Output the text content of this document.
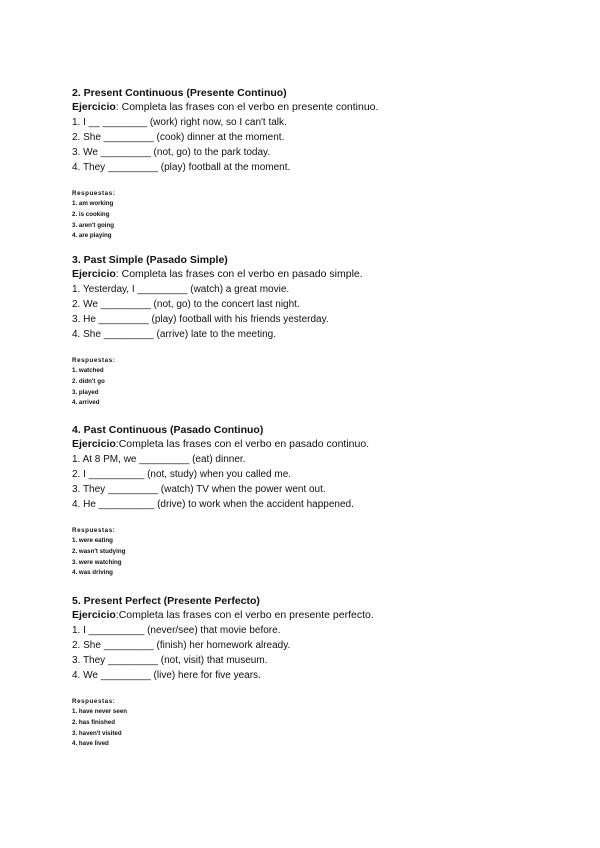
2. Present Continuous (Presente Continuo)
Ejercicio: Completa las frases con el verbo en presente continuo.
1. I __ ________ (work) right now, so I can't talk.
2. She _________ (cook) dinner at the moment.
3. We _________ (not, go) to the park today.
4. They _________ (play) football at the moment.
Respuestas:
1. am working
2. is cooking
3. aren't going
4. are playing
3. Past Simple (Pasado Simple)
Ejercicio: Completa las frases con el verbo en pasado simple.
1. Yesterday, I _________ (watch) a great movie.
2. We _________ (not, go) to the concert last night.
3. He _________ (play) football with his friends yesterday.
4. She _________ (arrive) late to the meeting.
Respuestas:
1. watched
2. didn't go
3. played
4. arrived
4. Past Continuous (Pasado Continuo)
Ejercicio:Completa las frases con el verbo en pasado continuo.
1. At 8 PM, we _________ (eat) dinner.
2. I __________ (not, study) when you called me.
3. They _________ (watch) TV when the power went out.
4. He __________ (drive) to work when the accident happened.
Respuestas:
1. were eating
2. wasn't studying
3. were watching
4. was driving
5. Present Perfect (Presente Perfecto)
Ejercicio:Completa las frases con el verbo en presente perfecto.
1. I __________ (never/see) that movie before.
2. She _________ (finish) her homework already.
3. They _________ (not, visit) that museum.
4. We _________ (live) here for five years.
Respuestas:
1. have never seen
2. has finished
3. haven't visited
4. have lived
